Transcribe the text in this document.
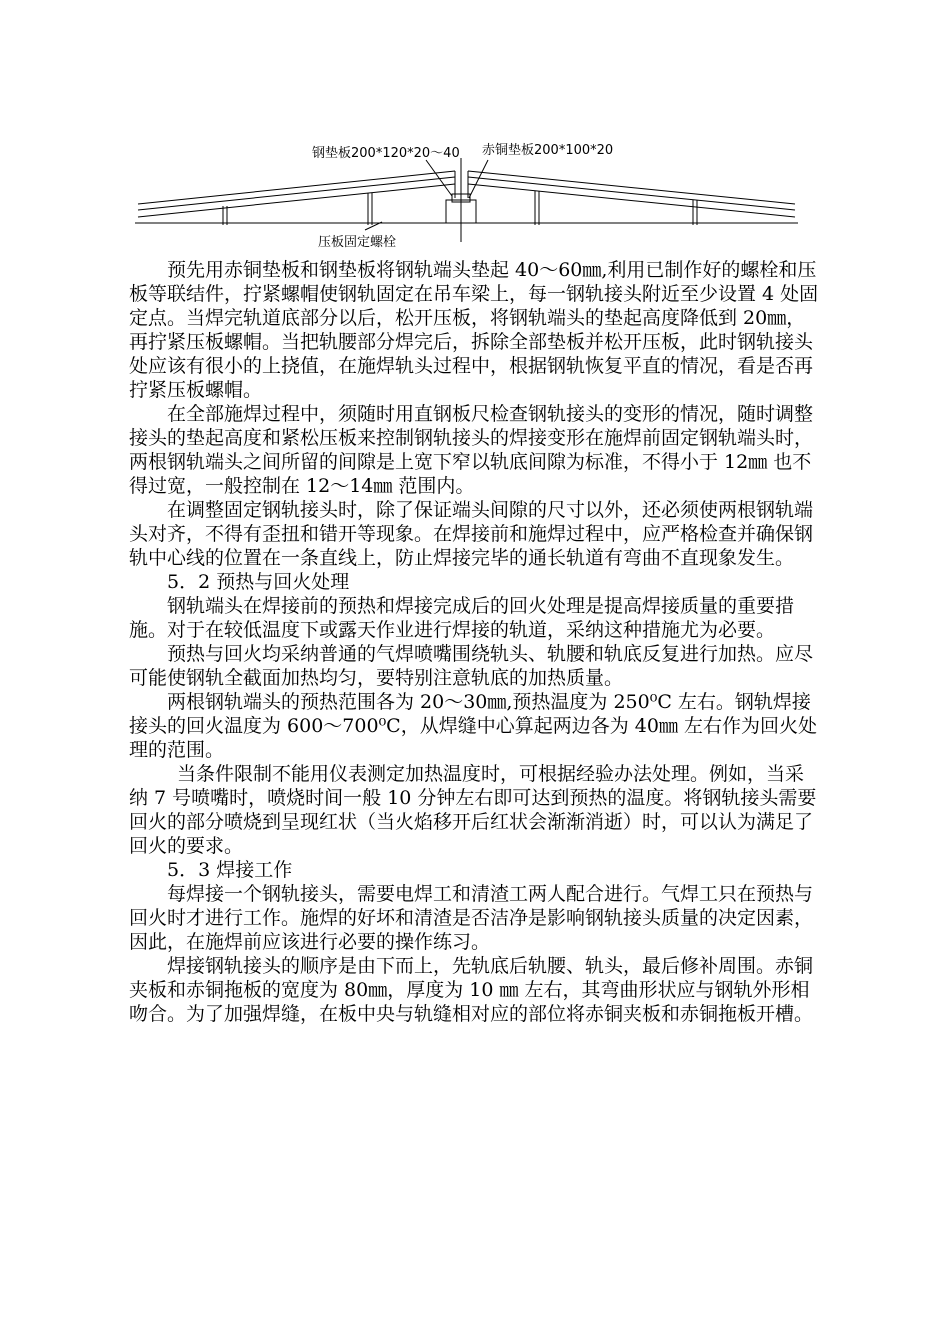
钢垫板200*120*20～40 赤铜垫板200*100*20
压板固定螺栓

预先用赤铜垫板和钢垫板将钢轨端头垫起 40～60㎜,利用已制作好的螺栓和压板等联结件，拧紧螺帽使钢轨固定在吊车梁上，每一钢轨接头附近至少设置 4 处固定点。当焊完轨道底部分以后，松开压板，将钢轨端头的垫起高度降低到 20㎜，再拧紧压板螺帽。当把轨腰部分焊完后，拆除全部垫板并松开压板，此时钢轨接头处应该有很小的上挠值，在施焊轨头过程中，根据钢轨恢复平直的情况，看是否再拧紧压板螺帽。

在全部施焊过程中，须随时用直钢板尺检查钢轨接头的变形的情况，随时调整接头的垫起高度和紧松压板来控制钢轨接头的焊接变形在施焊前固定钢轨端头时，两根钢轨端头之间所留的间隙是上宽下窄以轨底间隙为标准，不得小于 12㎜ 也不得过宽，一般控制在 12～14㎜ 范围内。

在调整固定钢轨接头时，除了保证端头间隙的尺寸以外，还必须使两根钢轨端头对齐，不得有歪扭和错开等现象。在焊接前和施焊过程中，应严格检查并确保钢轨中心线的位置在一条直线上，防止焊接完毕的通长轨道有弯曲不直现象发生。

5．2 预热与回火处理

钢轨端头在焊接前的预热和焊接完成后的回火处理是提高焊接质量的重要措施。对于在较低温度下或露天作业进行焊接的轨道，采纳这种措施尤为必要。

预热与回火均采纳普通的气焊喷嘴围绕轨头、轨腰和轨底反复进行加热。应尽可能使钢轨全截面加热均匀，要特别注意轨底的加热质量。

两根钢轨端头的预热范围各为 20～30㎜,预热温度为 250⁰C 左右。钢轨焊接接头的回火温度为 600～700⁰C，从焊缝中心算起两边各为 40㎜ 左右作为回火处理的范围。

当条件限制不能用仪表测定加热温度时，可根据经验办法处理。例如，当采纳 7 号喷嘴时，喷烧时间一般 10 分钟左右即可达到预热的温度。将钢轨接头需要回火的部分喷烧到呈现红状（当火焰移开后红状会渐渐消逝）时，可以认为满足了回火的要求。

5．3 焊接工作

每焊接一个钢轨接头，需要电焊工和清渣工两人配合进行。气焊工只在预热与回火时才进行工作。施焊的好坏和清渣是否洁净是影响钢轨接头质量的决定因素，因此，在施焊前应该进行必要的操作练习。

焊接钢轨接头的顺序是由下而上，先轨底后轨腰、轨头，最后修补周围。赤铜夹板和赤铜拖板的宽度为 80㎜，厚度为 10 ㎜ 左右，其弯曲形状应与钢轨外形相吻合。为了加强焊缝，在板中央与轨缝相对应的部位将赤铜夹板和赤铜拖板开槽。
